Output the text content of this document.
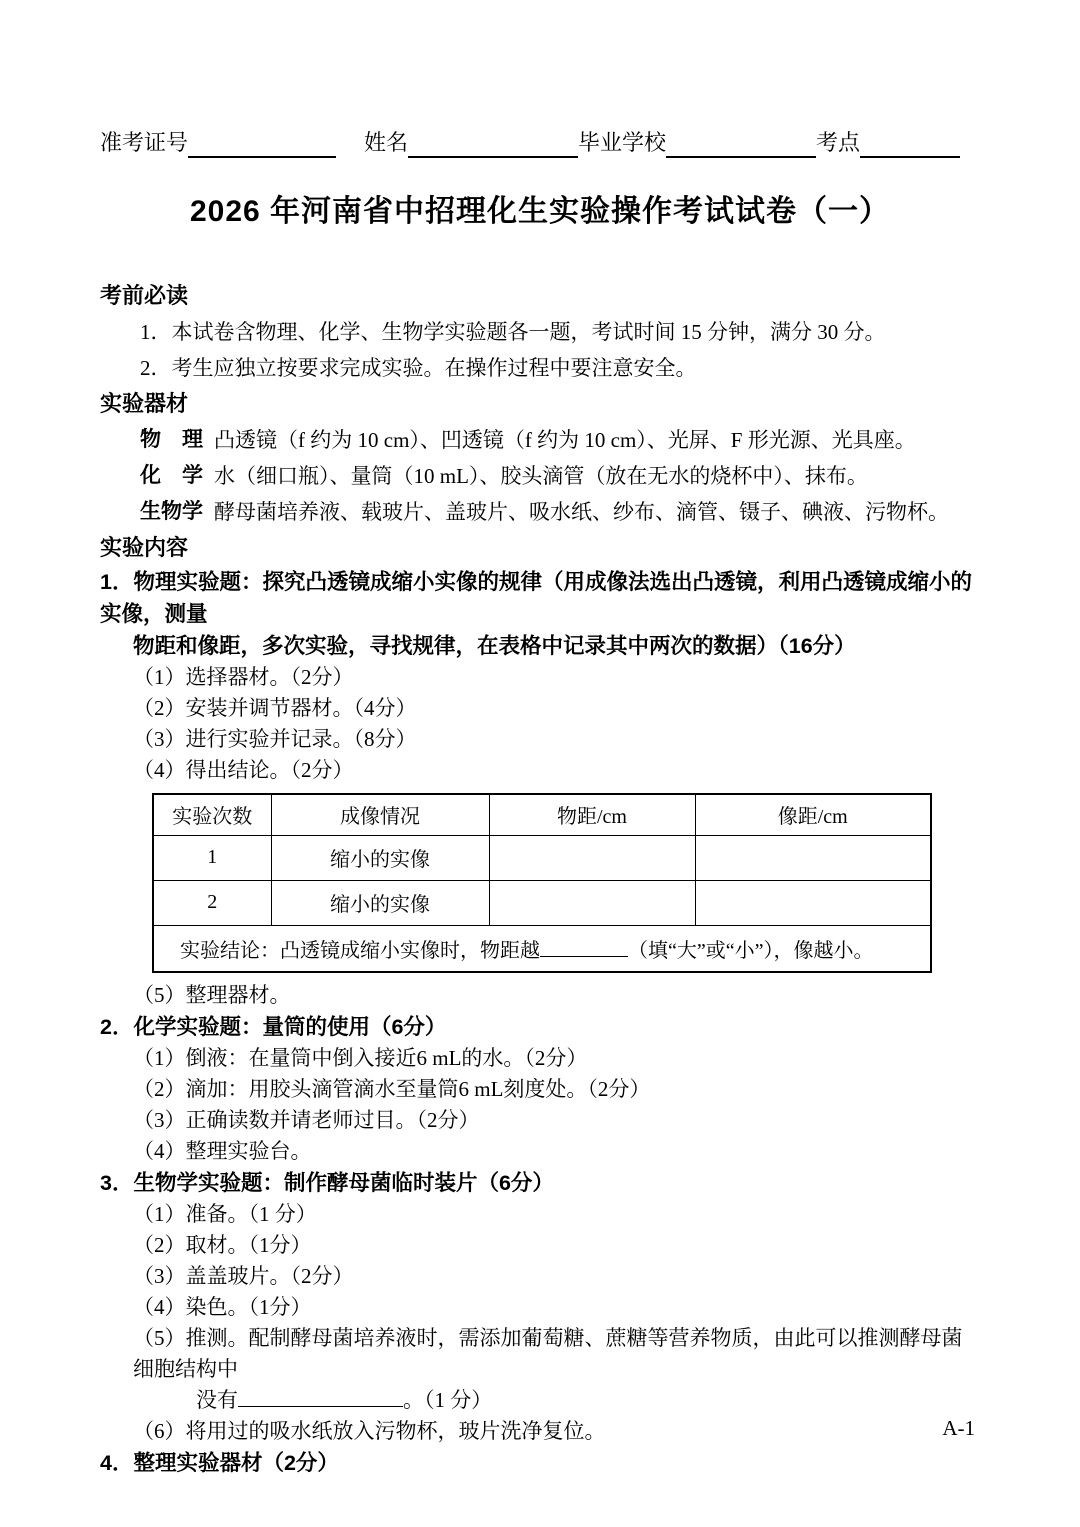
准考证号	姓名	毕业学校	考点
2026 年河南省中招理化生实验操作考试试卷（一）

考前必读

1．本试卷含物理、化学、生物学实验题各一题，考试时间 15 分钟，满分 30 分。

2．考生应独立按要求完成实验。在操作过程中要注意安全。

实验器材

物　理 凸透镜（f 约为 10 cm）、凹透镜（f 约为 10 cm）、光屏、F 形光源、光具座。
化　学 水（细口瓶）、量筒（10 mL）、胶头滴管（放在无水的烧杯中）、抹布。
生物学 酵母菌培养液、载玻片、盖玻片、吸水纸、纱布、滴管、镊子、碘液、污物杯。

实验内容

1．物理实验题：探究凸透镜成缩小实像的规律（用成像法选出凸透镜，利用凸透镜成缩小的实像，测量

物距和像距，多次实验，寻找规律，在表格中记录其中两次的数据）（16分）

（1）选择器材。（2分）

（2）安装并调节器材。（4分）

（3）进行实验并记录。（8分）

（4）得出结论。（2分）

实验次数	成像情况	物距/cm	像距/cm
1	缩小的实像		
2	缩小的实像		
实验结论：凸透镜成缩小实像时，物距越 （填“大”或“小”），像越小。			

（5）整理器材。

2．化学实验题：量筒的使用（6分）

（1）倒液：在量筒中倒入接近6 mL的水。（2分）

（2）滴加：用胶头滴管滴水至量筒6 mL刻度处。（2分）

（3）正确读数并请老师过目。（2分）

（4）整理实验台。

3．生物学实验题：制作酵母菌临时装片（6分）

（1）准备。（1 分）

（2）取材。（1分）

（3）盖盖玻片。（2分）

（4）染色。（1分）

（5）推测。配制酵母菌培养液时，需添加葡萄糖、蔗糖等营养物质，由此可以推测酵母菌细胞结构中

没有	。（1 分）

（6）将用过的吸水纸放入污物杯，玻片洗净复位。

4．整理实验器材（2分）

A-1
